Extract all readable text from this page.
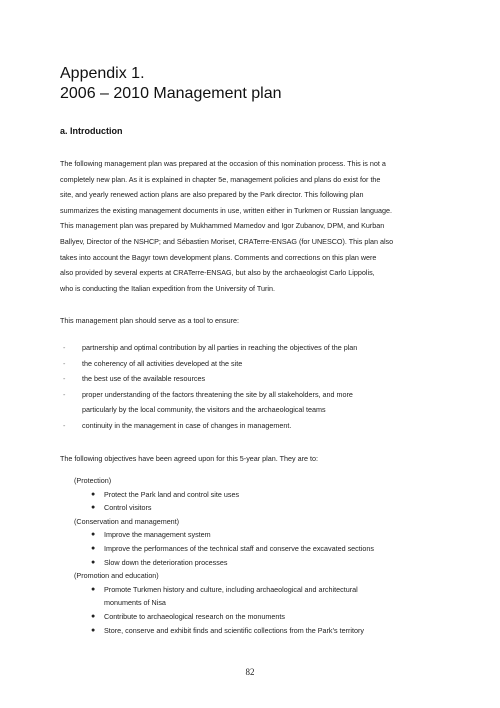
Appendix 1.
2006 – 2010 Management plan
a. Introduction
The following management plan was prepared at the occasion of this nomination process. This is not a
completely new plan. As it is explained in chapter 5e, management policies and plans do exist for the
site, and yearly renewed action plans are also prepared by the Park director. This following plan
summarizes the existing management documents in use, written either in Turkmen or Russian language.
This management plan was prepared by Mukhammed Mamedov and Igor Zubanov, DPM, and Kurban
Ballyev, Director of the NSHCP; and Sébastien Moriset, CRATerre-ENSAG (for UNESCO). This plan also
takes into account the Bagyr town development plans. Comments and corrections on this plan were
also provided by several experts at CRATerre-ENSAG, but also by the archaeologist Carlo Lippolis,
who is conducting the Italian expedition from the University of Turin.
This management plan should serve as a tool to ensure:
- partnership and optimal contribution by all parties in reaching the objectives of the plan
- the coherency of all activities developed at the site
- the best use of the available resources
- proper understanding of the factors threatening the site by all stakeholders, and more
particularly by the local community, the visitors and the archaeological teams
- continuity in the management in case of changes in management.
The following objectives have been agreed upon for this 5-year plan. They are to:
(Protection)
● Protect the Park land and control site uses
● Control visitors
(Conservation and management)
● Improve the management system
● Improve the performances of the technical staff and conserve the excavated sections
● Slow down the deterioration processes
(Promotion and education)
● Promote Turkmen history and culture, including archaeological and architectural
monuments of Nisa
● Contribute to archaeological research on the monuments
● Store, conserve and exhibit finds and scientific collections from the Park’s territory
82
